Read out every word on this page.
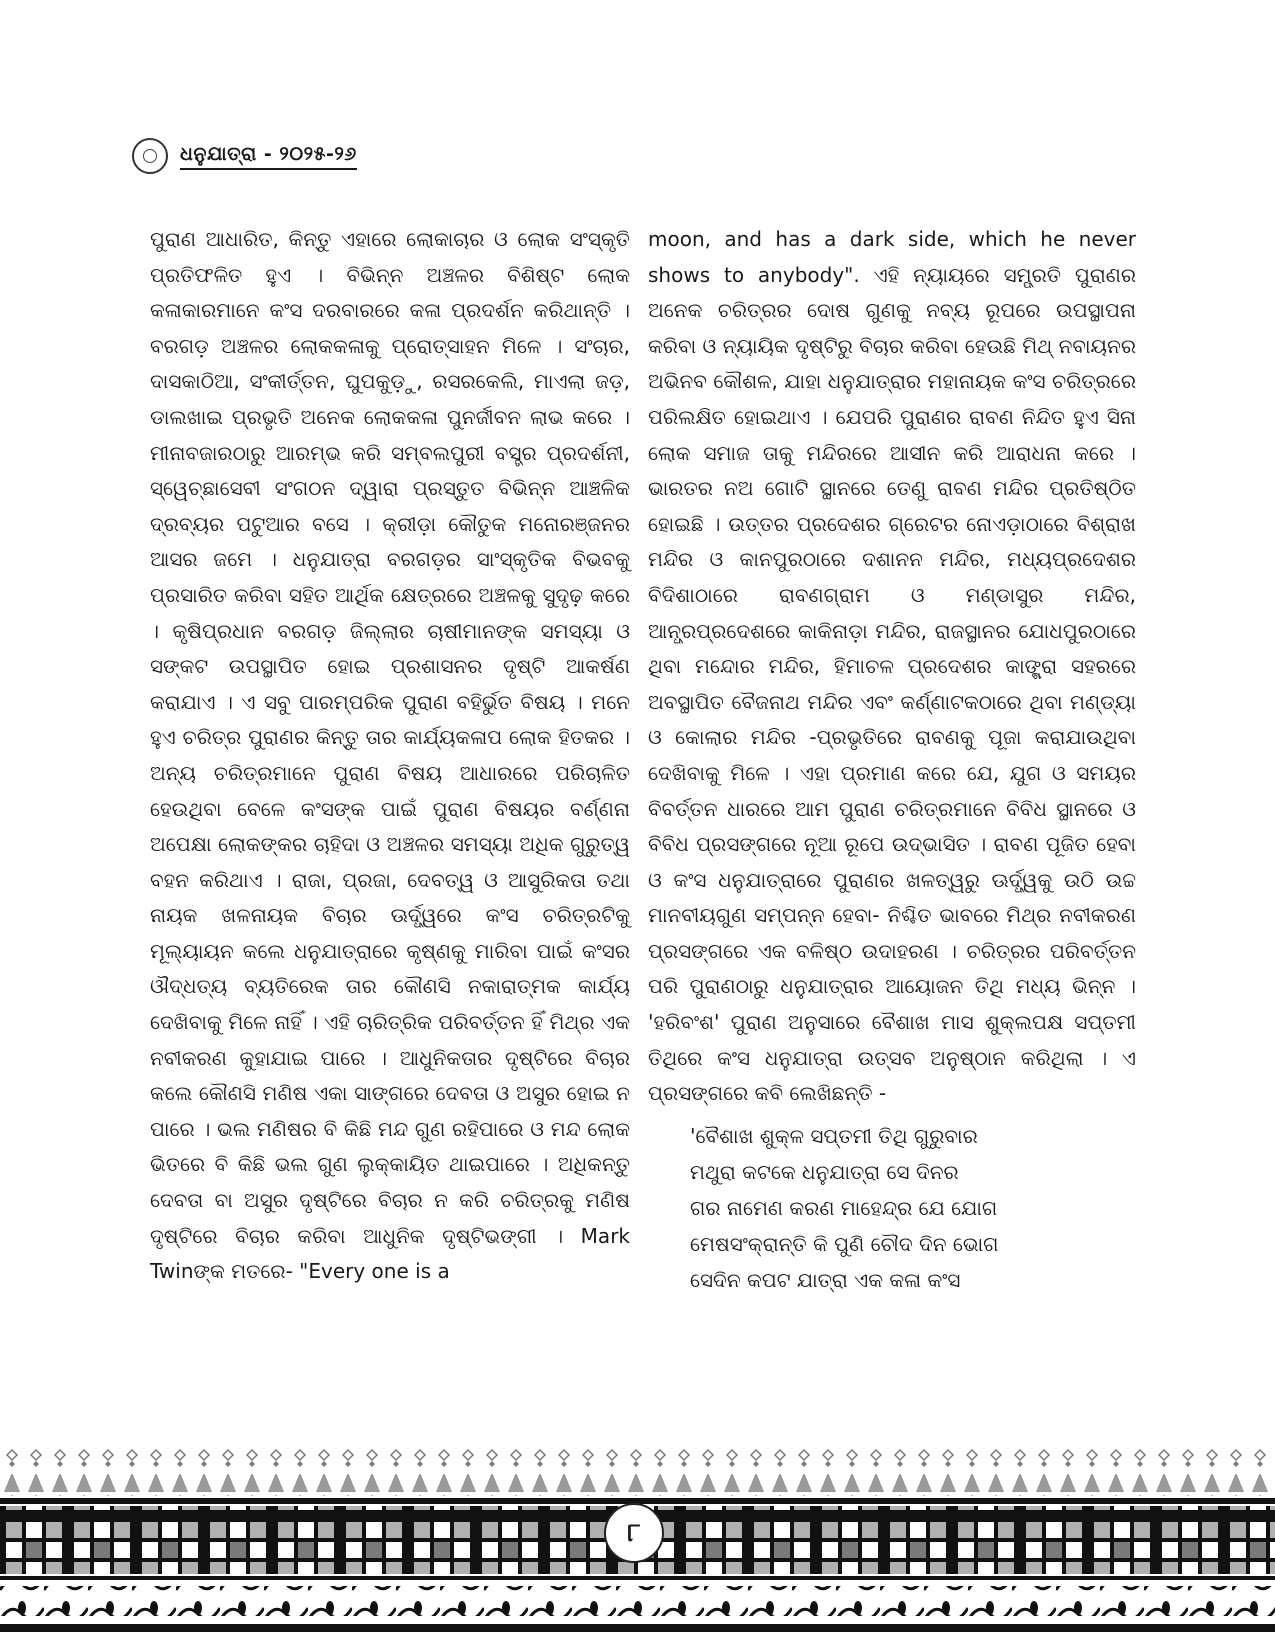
ଧନୁଯାତ୍ରା - ୨୦୨୫-୨୬

ପୁରାଣ ଆଧାରିତ, କିନ୍ତୁ ଏହାରେ ଲୋକାଚାର ଓ ଲୋକ ସଂସ୍କୃତି ପ୍ରତିଫଳିତ ହୁଏ । ବିଭିନ୍ନ ଅଞ୍ଚଳର ବିଶିଷ୍ଟ ଲୋକ କଳାକାରମାନେ କଂସ ଦରବାରରେ କଳା ପ୍ରଦର୍ଶନ କରିଥାନ୍ତି । ବରଗଡ଼ ଅଞ୍ଚଳର ଲୋକକଳାକୁ ପ୍ରୋତ୍ସାହନ ମିଳେ । ସଂଚାର, ଦାସକାଠିଆ, ସଂକୀର୍ତ୍ତନ, ଘୁପକୁଡ଼ୁ, ରସରକେଲି, ମାଏଲା ଜଡ଼, ଡାଲଖାଇ ପ୍ରଭୃତି ଅନେକ ଲୋକକଳା ପୁନର୍ଜୀବନ ଲାଭ କରେ । ମୀନାବଜାରଠାରୁ ଆରମ୍ଭ କରି ସମ୍ବଲପୁରୀ ବସ୍ତ୍ର ପ୍ରଦର୍ଶନୀ, ସ୍ୱେଚ୍ଛାସେବୀ ସଂଗଠନ ଦ୍ୱାରା ପ୍ରସ୍ତୁତ ବିଭିନ୍ନ ଆଞ୍ଚଳିକ ଦ୍ରବ୍ୟର ପଟୁଆର ବସେ । କ୍ରୀଡ଼ା କୌତୁକ ମନୋରଞ୍ଜନର ଆସର ଜମେ । ଧନୁଯାତ୍ରା ବରଗଡ଼ର ସାଂସ୍କୃତିକ ବିଭବକୁ ପ୍ରସାରିତ କରିବା ସହିତ ଆର୍ଥିକ କ୍ଷେତ୍ରରେ ଅଞ୍ଚଳକୁ ସୁଦୃଢ଼ କରେ । କୃଷିପ୍ରଧାନ ବରଗଡ଼ ଜିଲ୍ଲାର ଚାଷୀମାନଙ୍କ ସମସ୍ୟା ଓ ସଙ୍କଟ ଉପସ୍ଥାପିତ ହୋଇ ପ୍ରଶାସନର ଦୃଷ୍ଟି ଆକର୍ଷଣ କରାଯାଏ । ଏ ସବୁ ପାରମ୍ପରିକ ପୁରାଣ ବହିର୍ଭୁତ ବିଷୟ । ମନେ ହୁଏ ଚରିତ୍ର ପୁରାଣର କିନ୍ତୁ ତାର କାର୍ଯ୍ୟକଳାପ ଲୋକ ହିତକର । ଅନ୍ୟ ଚରିତ୍ରମାନେ ପୁରାଣ ବିଷୟ ଆଧାରରେ ପରିଚାଳିତ ହେଉଥିବା ବେଳେ କଂସଙ୍କ ପାଇଁ ପୁରାଣ ବିଷୟର ବର୍ଣ୍ଣନା ଅପେକ୍ଷା ଲୋକଙ୍କର ଚାହିଦା ଓ ଅଞ୍ଚଳର ସମସ୍ୟା ଅଧିକ ଗୁରୁତ୍ୱ ବହନ କରିଥାଏ । ରାଜା, ପ୍ରଜା, ଦେବତ୍ୱ ଓ ଆସୁରିକତା ତଥା ନାୟକ ଖଳନାୟକ ବିଚାର ଊର୍ଦ୍ଧ୍ୱରେ କଂସ ଚରିତ୍ରଟିକୁ ମୂଲ୍ୟାୟନ କଲେ ଧନୁଯାତ୍ରାରେ କୃଷ୍ଣକୁ ମାରିବା ପାଇଁ କଂସର ଔଦ୍ଧତ୍ୟ ବ୍ୟତିରେକ ତାର କୌଣସି ନକାରାତ୍ମକ କାର୍ଯ୍ୟ ଦେଖିବାକୁ ମିଳେ ନାହିଁ । ଏହି ଚାରିତ୍ରିକ ପରିବର୍ତ୍ତନ ହିଁ ମିଥ୍ର ଏକ ନବୀକରଣ କୁହାଯାଇ ପାରେ । ଆଧୁନିକତାର ଦୃଷ୍ଟିରେ ବିଚାର କଲେ କୌଣସି ମଣିଷ ଏକା ସାଙ୍ଗରେ ଦେବତା ଓ ଅସୁର ହୋଇ ନ ପାରେ । ଭଲ ମଣିଷର ବି କିଛି ମନ୍ଦ ଗୁଣ ରହିପାରେ ଓ ମନ୍ଦ ଲୋକ ଭିତରେ ବି କିଛି ଭଲ ଗୁଣ ଲୁକ୍କାୟିତ ଥାଇପାରେ । ଅଧିକନ୍ତୁ ଦେବତା ବା ଅସୁର ଦୃଷ୍ଟିରେ ବିଚାର ନ କରି ଚରିତ୍ରକୁ ମଣିଷ ଦୃଷ୍ଟିରେ ବିଚାର କରିବା ଆଧୁନିକ ଦୃଷ୍ଟିଭଙ୍ଗୀ । Mark Twinଙ୍କ ମତରେ- "Every one is a

moon, and has a dark side, which he never shows to anybody". ଏହି ନ୍ୟାୟରେ ସମ୍ପ୍ରତି ପୁରାଣର ଅନେକ ଚରିତ୍ରର ଦୋଷ ଗୁଣକୁ ନବ୍ୟ ରୂପରେ ଉପସ୍ଥାପନା କରିବା ଓ ନ୍ୟାୟିକ ଦୃଷ୍ଟିରୁ ବିଚାର କରିବା ହେଉଛି ମିଥ୍ ନବାୟନର ଅଭିନବ କୌଶଳ, ଯାହା ଧନୁଯାତ୍ରାର ମହାନାୟକ କଂସ ଚରିତ୍ରରେ ପରିଲକ୍ଷିତ ହୋଇଥାଏ । ଯେପରି ପୁରାଣର ରାବଣ ନିନ୍ଦିତ ହୁଏ ସିନା ଲୋକ ସମାଜ ତାକୁ ମନ୍ଦିରରେ ଆସୀନ କରି ଆରାଧନା କରେ । ଭାରତର ନଅ ଗୋଟି ସ୍ଥାନରେ ତେଣୁ ରାବଣ ମନ୍ଦିର ପ୍ରତିଷ୍ଠିତ ହୋଇଛି । ଉତ୍ତର ପ୍ରଦେଶର ଗ୍ରେଟର ନୋଏଡ଼ାଠାରେ ବିଶ୍ରାଖ ମନ୍ଦିର ଓ କାନପୁରଠାରେ ଦଶାନନ ମନ୍ଦିର, ମଧ୍ୟପ୍ରଦେଶର ବିଦିଶାଠାରେ ରାବଣଗ୍ରାମ ଓ ମଣ୍ଡାସୁର ମନ୍ଦିର, ଆନ୍ଧ୍ରପ୍ରଦେଶରେ କାକିନାଡ଼ା ମନ୍ଦିର, ରାଜସ୍ଥାନର ଯୋଧପୁରଠାରେ ଥିବା ମନ୍ଦୋର ମନ୍ଦିର, ହିମାଚଳ ପ୍ରଦେଶର କାଙ୍ଗ୍ରା ସହରରେ ଅବସ୍ଥାପିତ ବୈଜନାଥ ମନ୍ଦିର ଏବଂ କର୍ଣ୍ଣାଟକଠାରେ ଥିବା ମଣ୍ଡ୍ୟା ଓ କୋଲାର ମନ୍ଦିର -ପ୍ରଭୃତିରେ ରାବଣକୁ ପୂଜା କରାଯାଉଥିବା ଦେଖିବାକୁ ମିଳେ । ଏହା ପ୍ରମାଣ କରେ ଯେ, ଯୁଗ ଓ ସମୟର ବିବର୍ତ୍ତନ ଧାରରେ ଆମ ପୁରାଣ ଚରିତ୍ରମାନେ ବିବିଧ ସ୍ଥାନରେ ଓ ବିବିଧ ପ୍ରସଙ୍ଗରେ ନୂଆ ରୂପେ ଉଦ୍ଭାସିତ । ରାବଣ ପୂଜିତ ହେବା ଓ କଂସ ଧନୁଯାତ୍ରାରେ ପୁରାଣର ଖଳତ୍ୱରୁ ଊର୍ଦ୍ଧ୍ୱକୁ ଉଠି ଉଚ୍ଚ ମାନବୀୟଗୁଣ ସମ୍ପନ୍ନ ହେବା- ନିଶ୍ଚିତ ଭାବରେ ମିଥ୍ର ନବୀକରଣ ପ୍ରସଙ୍ଗରେ ଏକ ବଳିଷ୍ଠ ଉଦାହରଣ । ଚରିତ୍ରର ପରିବର୍ତ୍ତନ ପରି ପୁରାଣଠାରୁ ଧନୁଯାତ୍ରାର ଆୟୋଜନ ତିଥି ମଧ୍ୟ ଭିନ୍ନ । 'ହରିବଂଶ' ପୁରାଣ ଅନୁସାରେ ବୈଶାଖ ମାସ ଶୁକ୍ଲପକ୍ଷ ସପ୍ତମୀ ତିଥିରେ କଂସ ଧନୁଯାତ୍ରା ଉତ୍ସବ ଅନୁଷ୍ଠାନ କରିଥିଲା । ଏ ପ୍ରସଙ୍ଗରେ କବି ଲେଖିଛନ୍ତି -

'ବୈଶାଖ ଶୁକ୍ଳ ସପ୍ତମୀ ତିଥି ଗୁରୁବାର
ମଥୁରା କଟକେ ଧନୁଯାତ୍ରା ସେ ଦିନର
ଗର ନାମେଣ କରଣ ମାହେନ୍ଦ୍ର ଯେ ଯୋଗ
ମେଷସଂକ୍ରାନ୍ତି କି ପୁଣି ଚୌଦ ଦିନ ଭୋଗ
ସେଦିନ କପଟ ଯାତ୍ରା ଏକ କଳା କଂସ
୮
